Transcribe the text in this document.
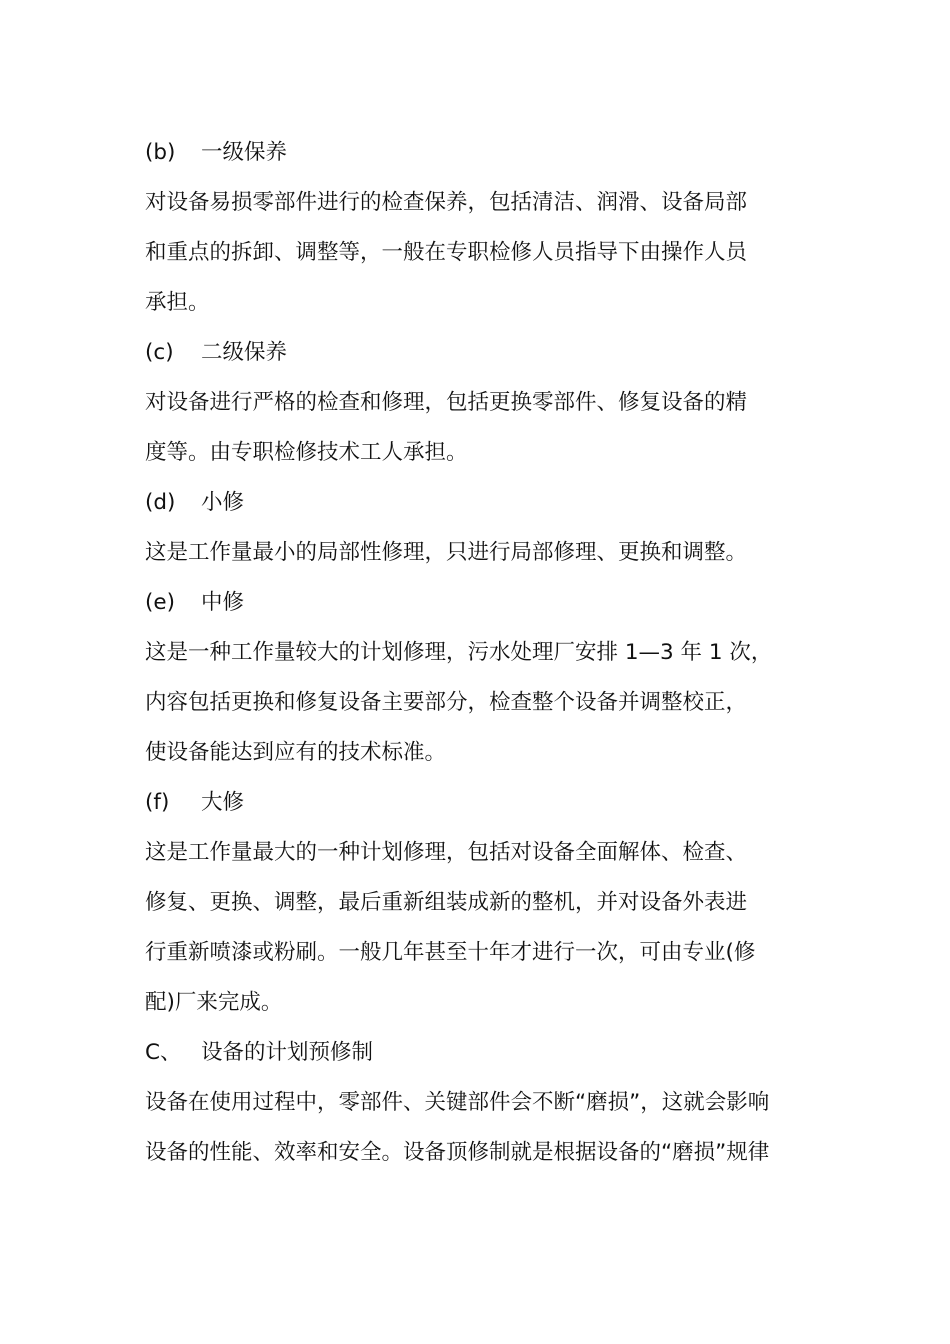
(b)	一级保养
对设备易损零部件进行的检查保养，包括清洁、润滑、设备局部
和重点的拆卸、调整等，一般在专职检修人员指导下由操作人员
承担。
(c)	二级保养
对设备进行严格的检查和修理，包括更换零部件、修复设备的精
度等。由专职检修技术工人承担。
(d)	小修
这是工作量最小的局部性修理，只进行局部修理、更换和调整。
(e)	中修
这是一种工作量较大的计划修理，污水处理厂安排 1—3 年 1 次，
内容包括更换和修复设备主要部分，检查整个设备并调整校正，
使设备能达到应有的技术标准。
(f)	大修
这是工作量最大的一种计划修理，包括对设备全面解体、检查、
修复、更换、调整，最后重新组装成新的整机，并对设备外表进
行重新喷漆或粉刷。一般几年甚至十年才进行一次，可由专业(修
配)厂来完成。
C、 设备的计划预修制
设备在使用过程中，零部件、关键部件会不断“磨损”，这就会影响
设备的性能、效率和安全。设备顶修制就是根据设备的“磨损”规律
